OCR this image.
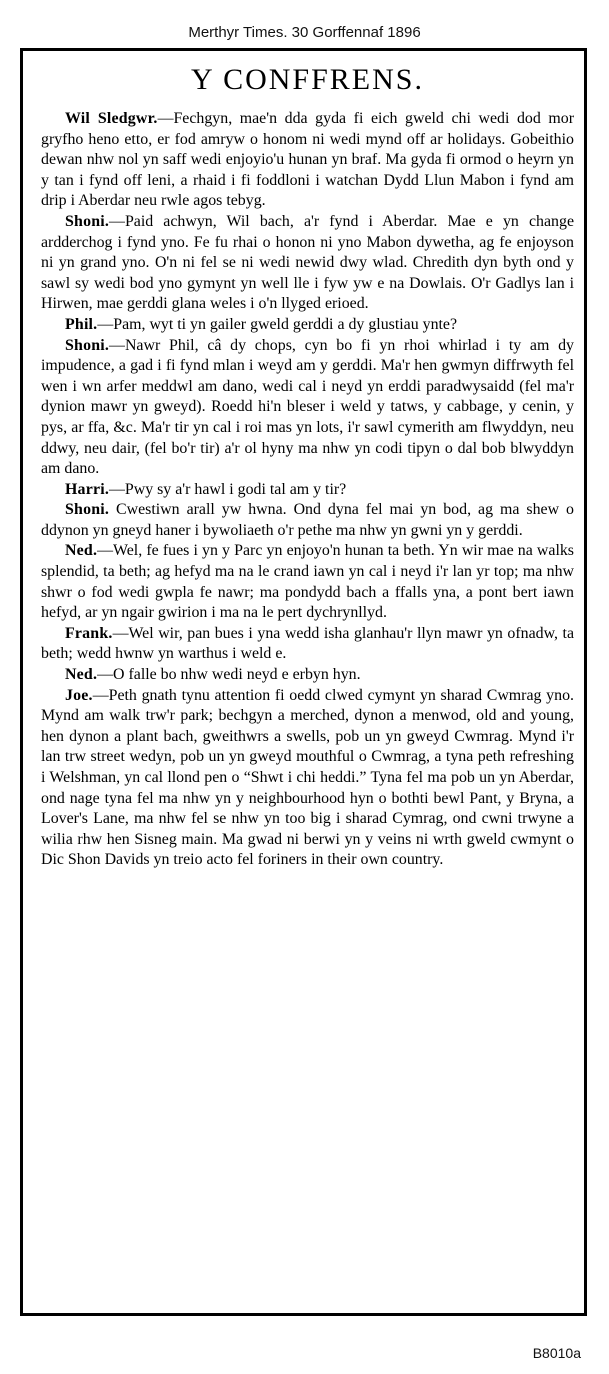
Merthyr Times. 30 Gorffennaf 1896
Y CONFFRENS.

Wil Sledgwr.—Fechgyn, mae'n dda gyda fi eich gweld chi wedi dod mor gryfho heno etto, er fod amryw o honom ni wedi mynd off ar holidays. Gobeithio dewan nhw nol yn saff wedi enjoyio'u hunan yn braf. Ma gyda fi ormod o heyrn yn y tan i fynd off leni, a rhaid i fi foddloni i watchan Dydd Llun Mabon i fynd am drip i Aberdar neu rwle agos tebyg.

Shoni.—Paid achwyn, Wil bach, a'r fynd i Aberdar. Mae e yn change ardderchog i fynd yno. Fe fu rhai o honon ni yno Mabon dywetha, ag fe enjoyson ni yn grand yno. O'n ni fel se ni wedi newid dwy wlad. Chredith dyn byth ond y sawl sy wedi bod yno gymynt yn well lle i fyw yw e na Dowlais. O'r Gadlys lan i Hirwen, mae gerddi glana weles i o'n llyged erioed.

Phil.—Pam, wyt ti yn gailer gweld gerddi a dy glustiau ynte?

Shoni.—Nawr Phil, câ dy chops, cyn bo fi yn rhoi whirlad i ty am dy impudence, a gad i fi fynd mlan i weyd am y gerddi. Ma'r hen gwmyn diffrwyth fel wen i wn arfer meddwl am dano, wedi cal i neyd yn erddi paradwysaidd (fel ma'r dynion mawr yn gweyd). Roedd hi'n bleser i weld y tatws, y cabbage, y cenin, y pys, ar ffa, &c. Ma'r tir yn cal i roi mas yn lots, i'r sawl cymerith am flwyddyn, neu ddwy, neu dair, (fel bo'r tir) a'r ol hyny ma nhw yn codi tipyn o dal bob blwyddyn am dano.

Harri.—Pwy sy a'r hawl i godi tal am y tir?

Shoni. Cwestiwn arall yw hwna. Ond dyna fel mai yn bod, ag ma shew o ddynon yn gneyd haner i bywoliaeth o'r pethe ma nhw yn gwni yn y gerddi.

Ned.—Wel, fe fues i yn y Parc yn enjoyo'n hunan ta beth. Yn wir mae na walks splendid, ta beth; ag hefyd ma na le crand iawn yn cal i neyd i'r lan yr top; ma nhw shwr o fod wedi gwpla fe nawr; ma pondydd bach a ffalls yna, a pont bert iawn hefyd, ar yn ngair gwirion i ma na le pert dychrynllyd.

Frank.—Wel wir, pan bues i yna wedd isha glanhau'r llyn mawr yn ofnadw, ta beth; wedd hwnw yn warthus i weld e.

Ned.—O falle bo nhw wedi neyd e erbyn hyn.

Joe.—Peth gnath tynu attention fi oedd clwed cymynt yn sharad Cwmrag yno. Mynd am walk trw'r park; bechgyn a merched, dynon a menwod, old and young, hen dynon a plant bach, gweithwrs a swells, pob un yn gweyd Cwmrag. Mynd i'r lan trw street wedyn, pob un yn gweyd mouthful o Cwmrag, a tyna peth refreshing i Welshman, yn cal llond pen o “Shwt i chi heddi.” Tyna fel ma pob un yn Aberdar, ond nage tyna fel ma nhw yn y neighbourhood hyn o bothti bewl Pant, y Bryna, a Lover's Lane, ma nhw fel se nhw yn too big i sharad Cymrag, ond cwni trwyne a wilia rhw hen Sisneg main. Ma gwad ni berwi yn y veins ni wrth gweld cwmynt o Dic Shon Davids yn treio acto fel foriners in their own country.

B8010a
